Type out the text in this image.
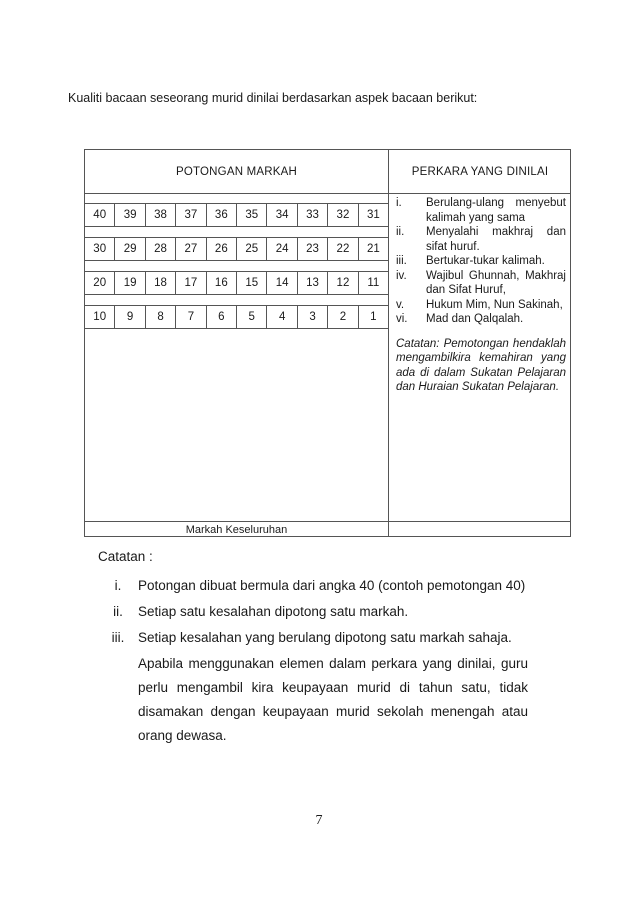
Kualiti bacaan seseorang murid dinilai berdasarkan aspek bacaan berikut:
POTONGAN MARKAH	PERKARA YANG DINILAI
40	39	38	37	36	35	34	33	32	31
30	29	28	27	26	25	24	23	22	21
20	19	18	17	16	15	14	13	12	11
10	9	8	7	6	5	4	3	2	1
i.	Berulang-ulang menyebut kalimah yang sama
ii.	Menyalahi makhraj dan sifat huruf.
iii.	Bertukar-tukar kalimah.
iv.	Wajibul Ghunnah, Makhraj dan Sifat Huruf,
v.	Hukum Mim, Nun Sakinah,
vi.	Mad dan Qalqalah.
Catatan: Pemotongan hendaklah mengambilkira kemahiran yang ada di dalam Sukatan Pelajaran dan Huraian Sukatan Pelajaran.
Markah Keseluruhan
Catatan :
i.	Potongan dibuat bermula dari angka 40 (contoh pemotongan 40)
ii.	Setiap satu kesalahan dipotong satu markah.
iii.	Setiap kesalahan yang berulang dipotong satu markah sahaja.
Apabila menggunakan elemen dalam perkara yang dinilai, guru perlu mengambil kira keupayaan murid di tahun satu, tidak disamakan dengan keupayaan murid sekolah menengah atau orang dewasa.
7
